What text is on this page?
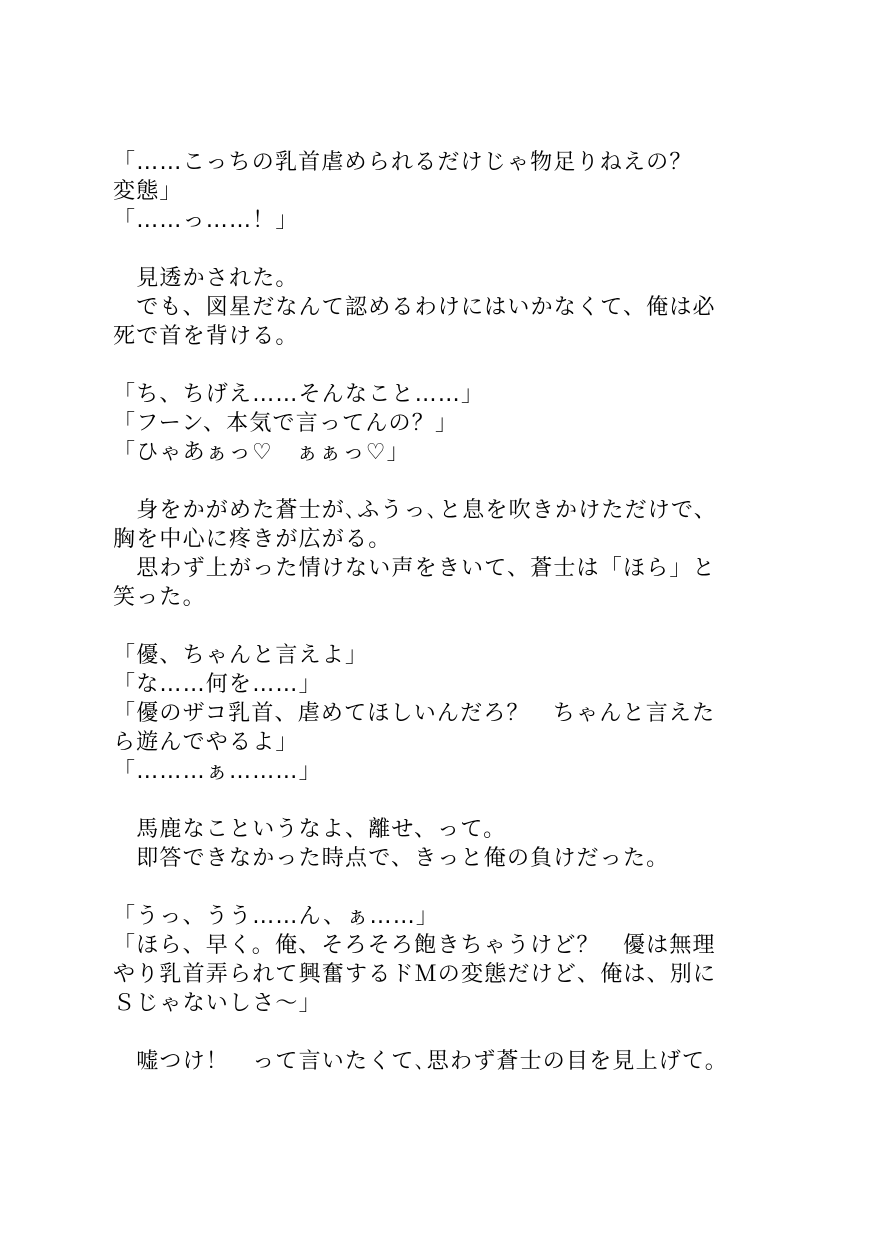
「……こっちの乳首虐められるだけじゃ物足りねえの？
変態」
「……っ……！」
　見透かされた。
　でも、図星だなんて認めるわけにはいかなくて、俺は必
死で首を背ける。
「ち、ちげえ……そんなこと……」
「フーン、本気で言ってんの？」
「ひゃあぁっ♡　ぁぁっ♡」
　身をかがめた蒼士が､ふうっ､と息を吹きかけただけで、
胸を中心に疼きが広がる。
　思わず上がった情けない声をきいて、蒼士は「ほら」と
笑った。
「優、ちゃんと言えよ」
「な……何を……」
「優のザコ乳首、虐めてほしいんだろ？　ちゃんと言えた
ら遊んでやるよ」
「………ぁ………」
　馬鹿なこというなよ、離せ、って。
　即答できなかった時点で、きっと俺の負けだった。
「うっ、うう……ん、ぁ……」
「ほら、早く。俺、そろそろ飽きちゃうけど？　優は無理
やり乳首弄られて興奮するドＭの変態だけど、俺は、別に
Ｓじゃないしさ～」
　嘘つけ！　って言いたくて､思わず蒼士の目を見上げて。
